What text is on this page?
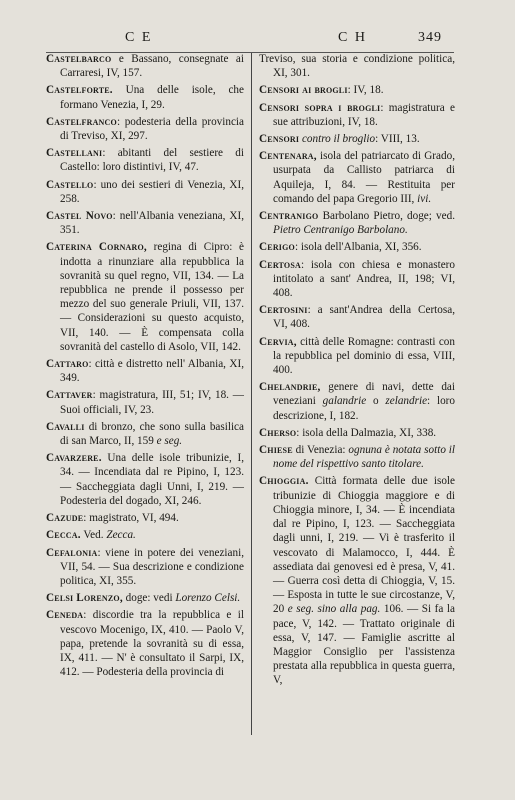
C E	C H	349
Castelbarco e Bassano, consegnate ai Carraresi, IV, 157.
Castelforte. Una delle isole, che formano Venezia, I, 29.
Castelfranco: podesteria della provincia di Treviso, XI, 297.
Castellani: abitanti del sestiere di Castello: loro distintivi, IV, 47.
Castello: uno dei sestieri di Venezia, XI, 258.
Castel Novo: nell'Albania veneziana, XI, 351.
Caterina Cornaro, regina di Cipro: è indotta a rinunziare alla repubblica la sovranità su quel regno, VII, 134. — La repubblica ne prende il possesso per mezzo del suo generale Priuli, VII, 137. — Considerazioni su questo acquisto, VII, 140. — È compensata colla sovranità del castello di Asolo, VII, 142.
Cattaro: città e distretto nell' Albania, XI, 349.
Cattaver: magistratura, III, 51; IV, 18. — Suoi officiali, IV, 23.
Cavalli di bronzo, che sono sulla basilica di san Marco, II, 159 e seg.
Cavarzere. Una delle isole tribunizie, I, 34. — Incendiata dal re Pipino, I, 123. — Saccheggiata dagli Unni, I, 219. — Podesteria del dogado, XI, 246.
Cazude: magistrato, VI, 494.
Cecca. Ved. Zecca.
Cefalonia: viene in potere dei veneziani, VII, 54. — Sua descrizione e condizione politica, XI, 355.
Celsi Lorenzo, doge: vedi Lorenzo Celsi.
Ceneda: discordie tra la repubblica e il vescovo Mocenigo, IX, 410. — Paolo V, papa, pretende la sovranità su di essa, IX, 411. — N' è consultato il Sarpi, IX, 412. — Podesteria della provincia di
Treviso, sua storia e condizione politica, XI, 301.
Censori ai brogli: IV, 18.
Censori sopra i brogli: magistratura e sue attribuzioni, IV, 18.
Censori contro il broglio: VIII, 13.
Centenara, isola del patriarcato di Grado, usurpata da Callisto patriarca di Aquileja, I, 84. — Restituita per comando del papa Gregorio III, ivi.
Centranigo Barbolano Pietro, doge; ved. Pietro Centranigo Barbolano.
Cerigo: isola dell'Albania, XI, 356.
Certosa: isola con chiesa e monastero intitolato a sant' Andrea, II, 198; VI, 408.
Certosini: a sant'Andrea della Certosa, VI, 408.
Cervia, città delle Romagne: contrasti con la repubblica pel dominio di essa, VIII, 400.
Chelandrie, genere di navi, dette dai veneziani galandrie o zelandrie: loro descrizione, I, 182.
Cherso: isola della Dalmazia, XI, 338.
Chiese di Venezia: ognuna è notata sotto il nome del rispettivo santo titolare.
Chioggia. Città formata delle due isole tribunizie di Chioggia maggiore e di Chioggia minore, I, 34. — È incendiata dal re Pipino, I, 123. — Saccheggiata dagli unni, I, 219. — Vi è trasferito il vescovato di Malamocco, I, 444. È assediata dai genovesi ed è presa, V, 41. — Guerra così detta di Chioggia, V, 15. — Esposta in tutte le sue circostanze, V, 20 e seg. sino alla pag. 106. — Si fa la pace, V, 142. — Trattato originale di essa, V, 147. — Famiglie ascritte al Maggior Consiglio per l'assistenza prestata alla repubblica in questa guerra, V,
